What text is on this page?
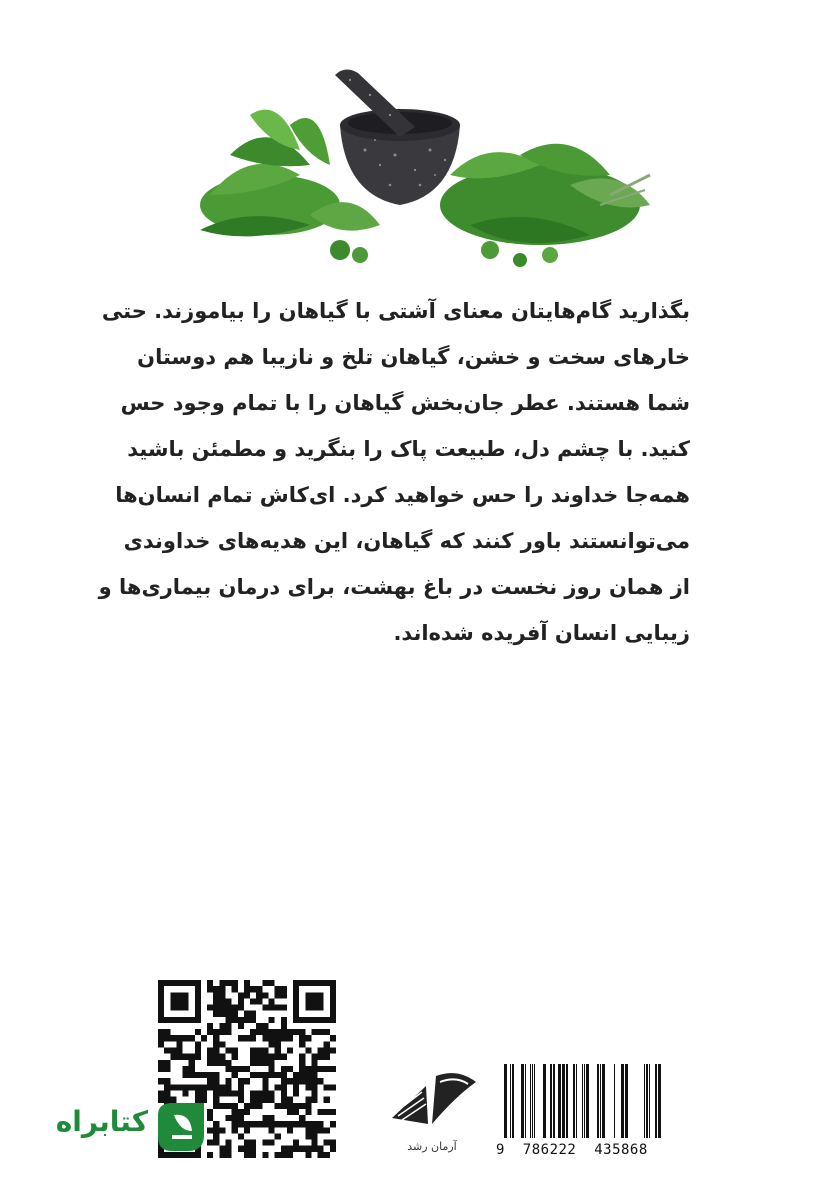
بگذارید گام‌هایتان معنای آشتی با گیاهان را بیاموزند. حتی
خارهای سخت و خشن، گیاهان تلخ و نازیبا هم دوستان
شما هستند. عطر جان‌بخش گیاهان را با تمام وجود حس
کنید. با چشم دل، طبیعت پاک را بنگرید و مطمئن باشید
همه‌جا خداوند را حس خواهید کرد. ای‌کاش تمام انسان‌ها
می‌توانستند باور کنند که گیاهان، این هدیه‌های خداوندی
از همان روز نخست در باغ بهشت، برای درمان بیماری‌ها و
زیبایی انسان آفریده شده‌اند.
کتابراه
آرمان رشد	9  786222  435868
